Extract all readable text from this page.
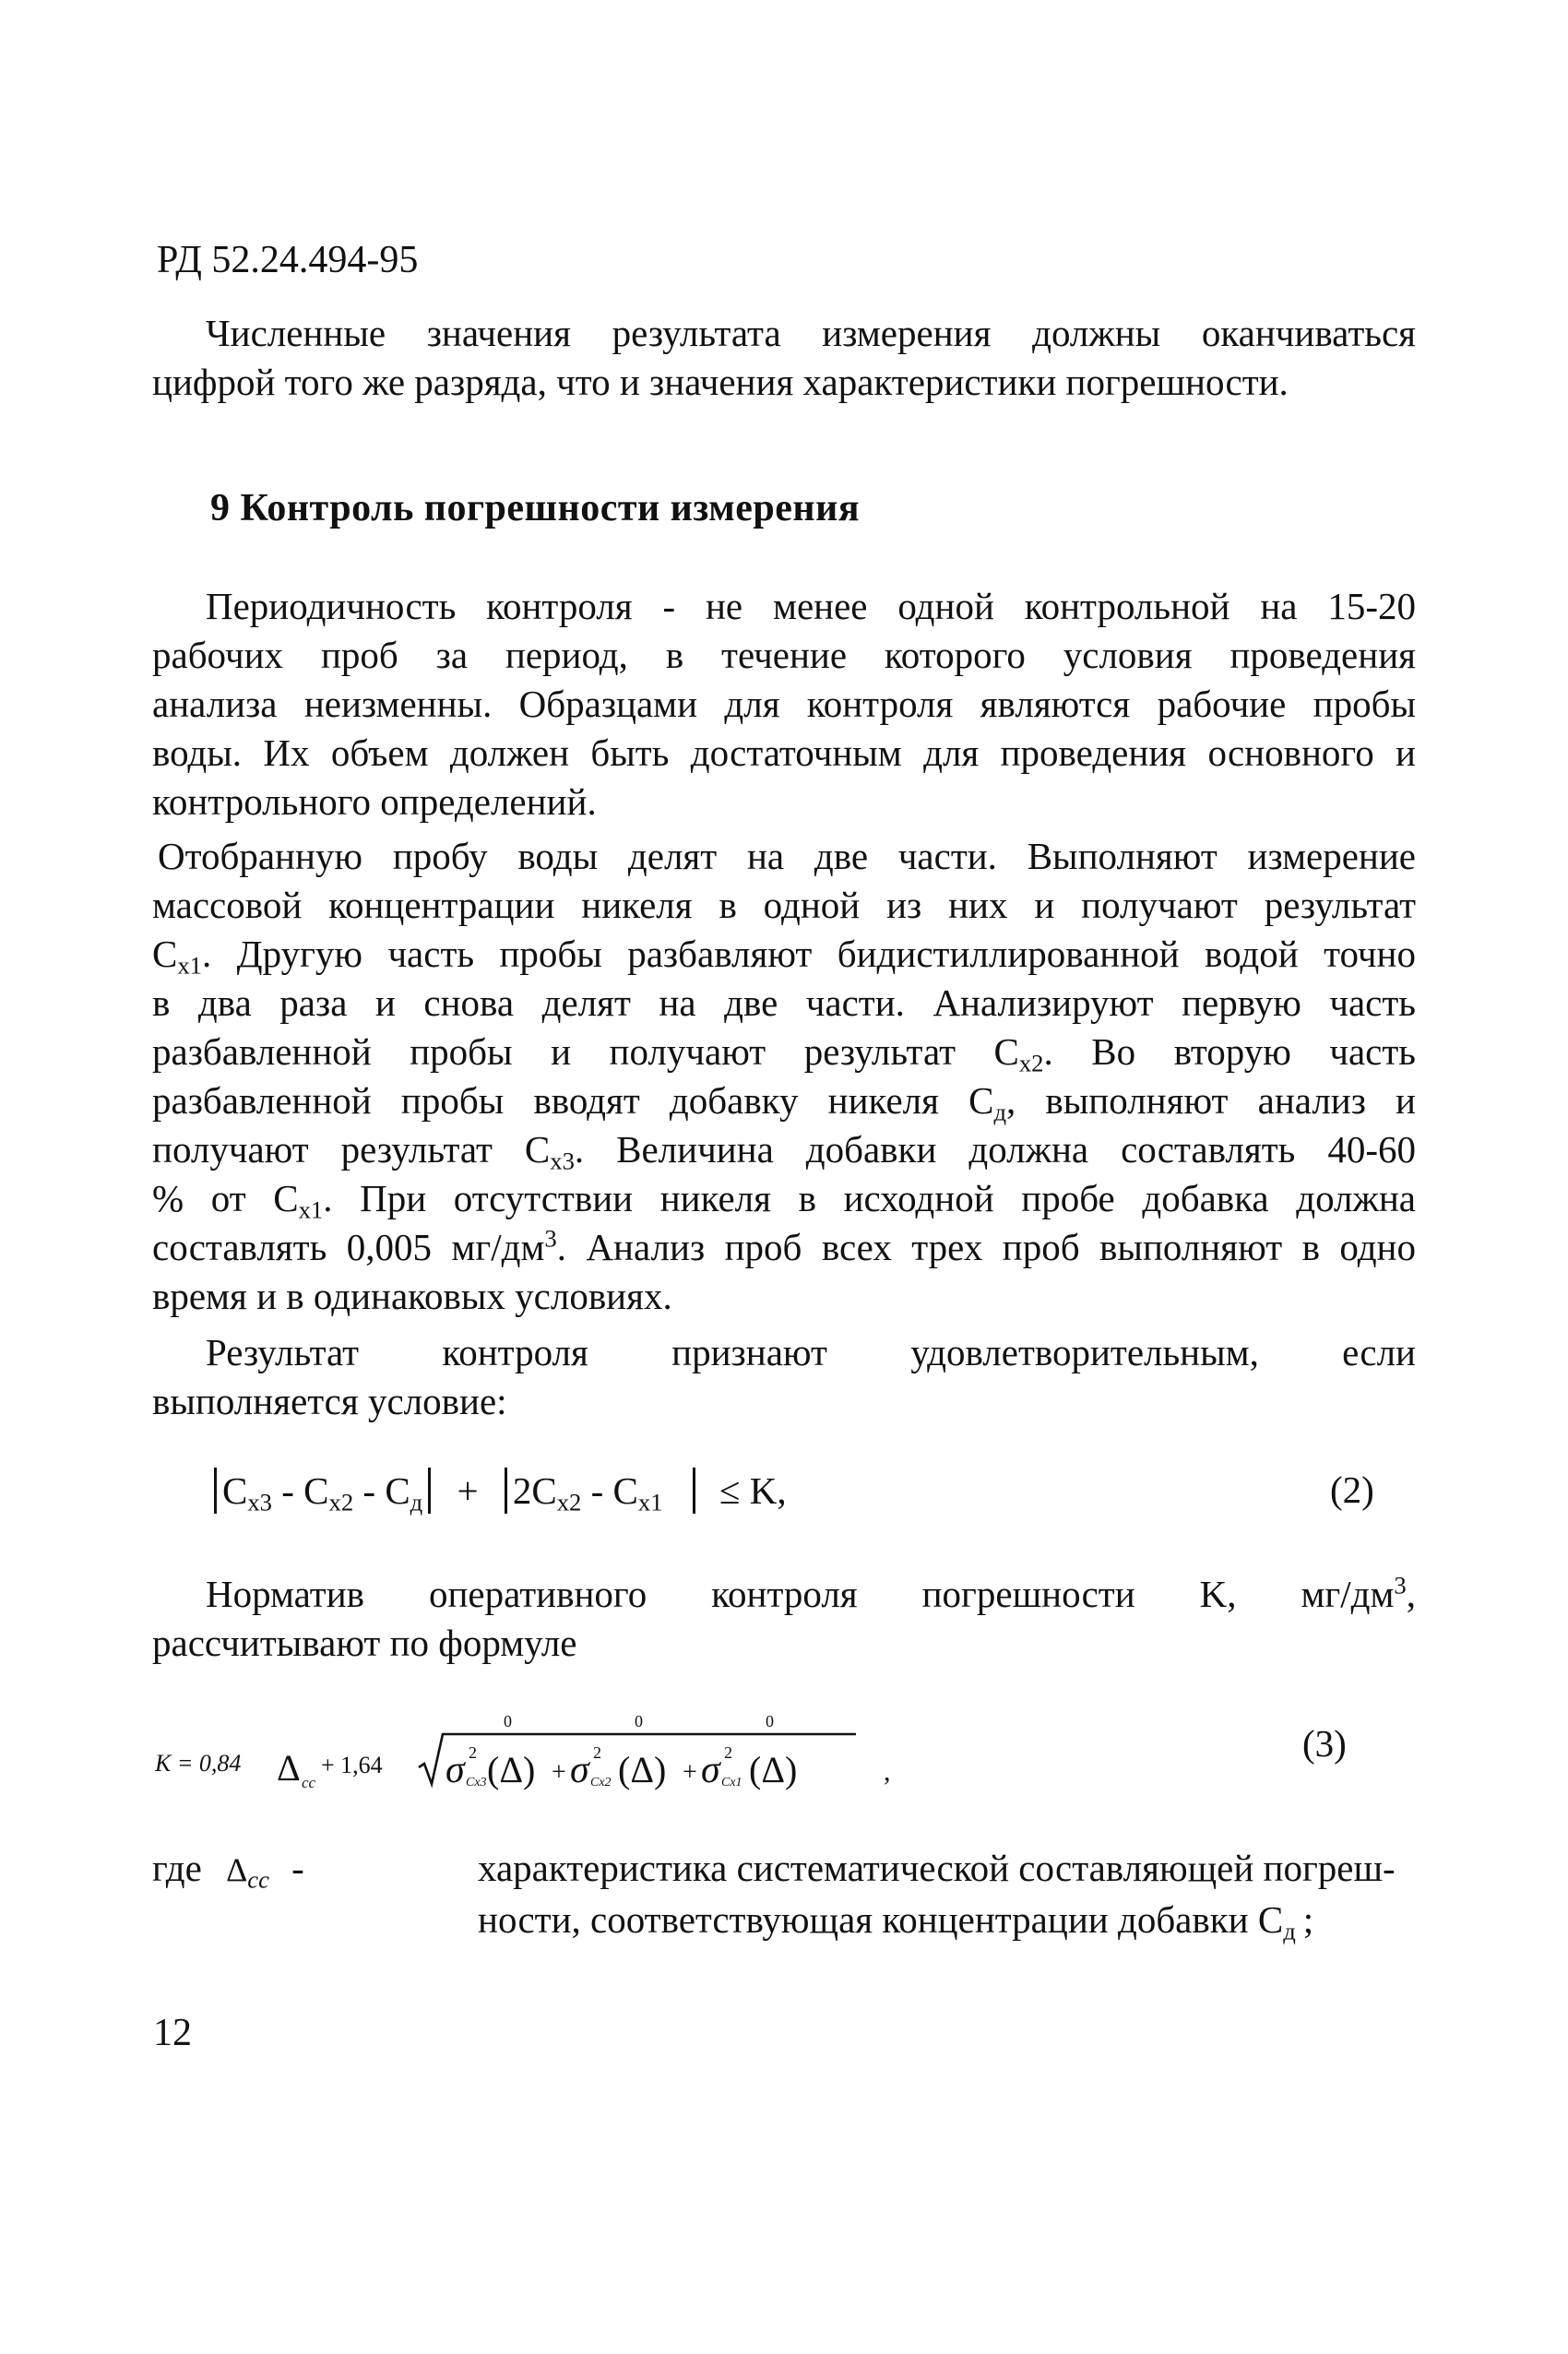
РД 52.24.494-95
Численные значения результата измерения должны оканчиваться
цифрой того же разряда, что и значения характеристики погрешности.
9 Контроль погрешности измерения
Периодичность контроля - не менее одной контрольной на 15-20
рабочих проб за период, в течение которого условия проведения
анализа неизменны. Образцами для контроля являются рабочие пробы
воды. Их объем должен быть достаточным для проведения основного и
контрольного определений.
Отобранную пробу воды делят на две части. Выполняют измерение
массовой концентрации никеля в одной из них и получают результат
$C_{x1}$. Другую часть пробы разбавляют бидистиллированной водой точно
в два раза и снова делят на две части. Анализируют первую часть
разбавленной пробы и получают результат $C_{x2}$. Во вторую часть
разбавленной пробы вводят добавку никеля $C_д$, выполняют анализ и
получают результат $C_{x3}$. Величина добавки должна составлять 40-60
% от $C_{x1}$. При отсутствии никеля в исходной пробе добавка должна
составлять 0,005 $мг/дм^3$. Анализ проб всех трех проб выполняют в одно
время и в одинаковых условиях.
Результат контроля признают удовлетворительным, если
выполняется условие:
$C_{x3} - C_{x2} - C_д + 2C_{x2} - C_{x1} \le K$,	(2)
Норматив оперативного контроля погрешности K, $мг/дм^3$,
рассчитывают по формуле
K = 0,84 Δ сс
+ 1,64 σ 2
Cx3
0
(Δ) + σ 2
Cx2
0
(Δ) + σ 2
Cx1
0
(Δ)	,
(3)
где $\Delta_{сс}$ -	характеристика систематической составляющей погреш-
ности, соответствующая концентрации добавки $C_д$ ;
12
